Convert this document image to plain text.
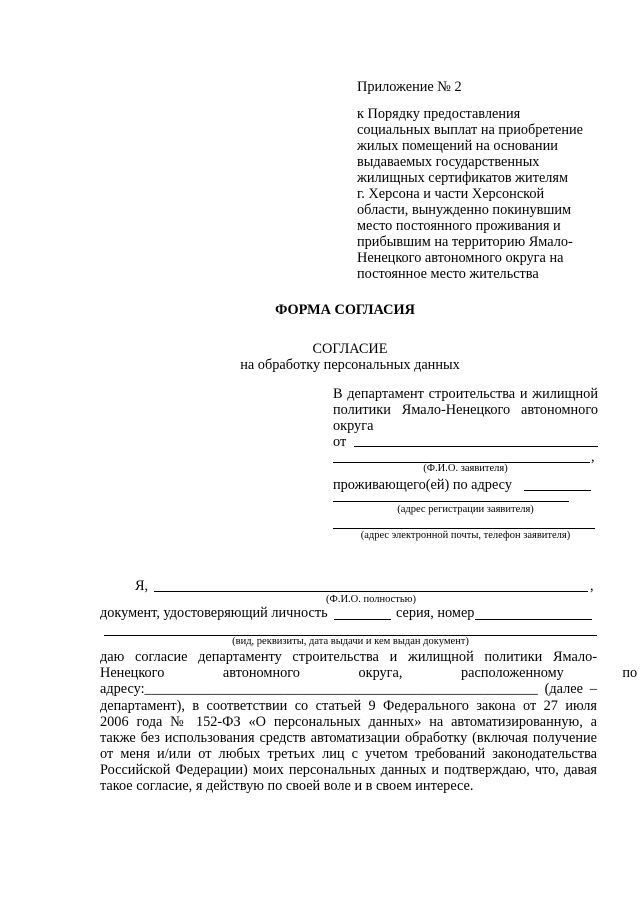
Приложение № 2
к Порядку предоставления
социальных выплат на приобретение
жилых помещений на основании
выдаваемых государственных
жилищных сертификатов жителям
г. Херсона и части Херсонской
области, вынужденно покинувшим
место постоянного проживания и
прибывшим на территорию Ямало-
Ненецкого автономного округа на
постоянное место жительства
ФОРМА СОГЛАСИЯ
СОГЛАСИЕ
на обработку персональных данных
В департамент строительства и жилищной
политики Ямало-Ненецкого автономного
округа
от
,
(Ф.И.О. заявителя)
проживающего(ей) по адресу
(адрес регистрации заявителя)
(адрес электронной почты, телефон заявителя)
Я,	,
(Ф.И.О. полностью)
документ, удостоверяющий личность	серия, номер
(вид, реквизиты, дата выдачи и кем выдан документ)
даю согласие департаменту строительства и жилищной политики Ямало-
Ненецкого автономного округа, расположенному по
адресу:_______________________________________________________ (далее –
департамент), в соответствии со статьей 9 Федерального закона от 27 июля
2006 года № 152-ФЗ «О персональных данных» на автоматизированную, а
также без использования средств автоматизации обработку (включая получение
от меня и/или от любых третьих лиц с учетом требований законодательства
Российской Федерации) моих персональных данных и подтверждаю, что, давая
такое согласие, я действую по своей воле и в своем интересе.
